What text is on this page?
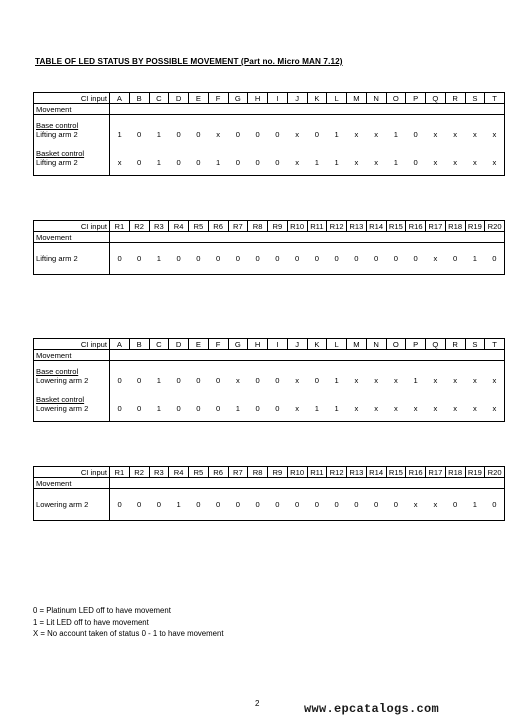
TABLE OF LED STATUS BY POSSIBLE MOVEMENT (Part no. Micro MAN 7.12)
CI input	A	B	C	D	E	F	G	H	I	J	K	L	M	N	O	P	Q	R	S	T
Movement																				

Base control
Lifting arm 2	1	0	1	0	0	x	0	0	0	x	0	1	x	x	1	0	x	x	x	x

Basket control
Lifting arm 2	x	0	1	0	0	1	0	0	0	x	1	1	x	x	1	0	x	x	x	x

CI input	R1	R2	R3	R4	R5	R6	R7	R8	R9	R10	R11	R12	R13	R14	R15	R16	R17	R18	R19	R20
Movement																				

Lifting arm 2	0	0	1	0	0	0	0	0	0	0	0	0	0	0	0	0	x	0	1	0

CI input	A	B	C	D	E	F	G	H	I	J	K	L	M	N	O	P	Q	R	S	T
Movement																				

Base control
Lowering arm 2	0	0	1	0	0	0	x	0	0	x	0	1	x	x	x	1	x	x	x	x

Basket control
Lowering arm 2	0	0	1	0	0	0	1	0	0	x	1	1	x	x	x	x	x	x	x	x

CI input	R1	R2	R3	R4	R5	R6	R7	R8	R9	R10	R11	R12	R13	R14	R15	R16	R17	R18	R19	R20
Movement																				

Lowering arm 2	0	0	0	1	0	0	0	0	0	0	0	0	0	0	0	x	x	0	1	0

0 = Platinum LED off to have movement
1 = Lit LED off to have movement
X = No account taken of status 0 - 1 to have movement
2	www.epcatalogs.com
